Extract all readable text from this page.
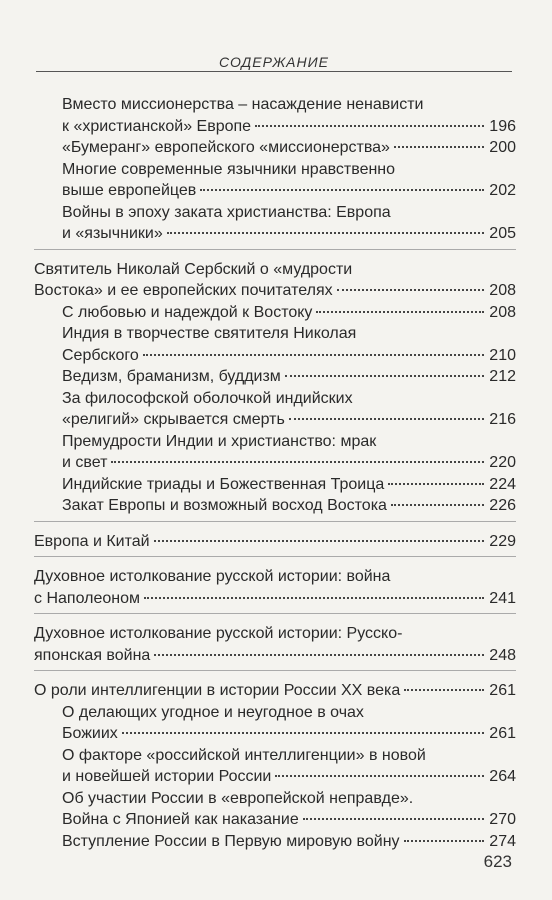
СОДЕРЖАНИЕ
Вместо миссионерства – насаждение ненависти
к «христианской» Европе	196
«Бумеранг» европейского «миссионерства»	200
Многие современные язычники нравственно
выше европейцев	202
Войны в эпоху заката христианства: Европа
и «язычники»	205
Святитель Николай Сербский о «мудрости
Востока» и ее европейских почитателях	208
С любовью и надеждой к Востоку	208
Индия в творчестве святителя Николая
Сербского	210
Ведизм, браманизм, буддизм	212
За философской оболочкой индийских
«религий» скрывается смерть	216
Премудрости Индии и христианство: мрак
и свет	220
Индийские триады и Божественная Троица	224
Закат Европы и возможный восход Востока	226
Европа и Китай	229
Духовное истолкование русской истории: война
с Наполеоном	241
Духовное истолкование русской истории: Русско-
японская война	248
О роли интеллигенции в истории России XX века	261
О делающих угодное и неугодное в очах
Божиих	261
О факторе «российской интеллигенции» в новой
и новейшей истории России	264
Об участии России в «европейской неправде».
Война с Японией как наказание	270
Вступление России в Первую мировую войну	274
623
